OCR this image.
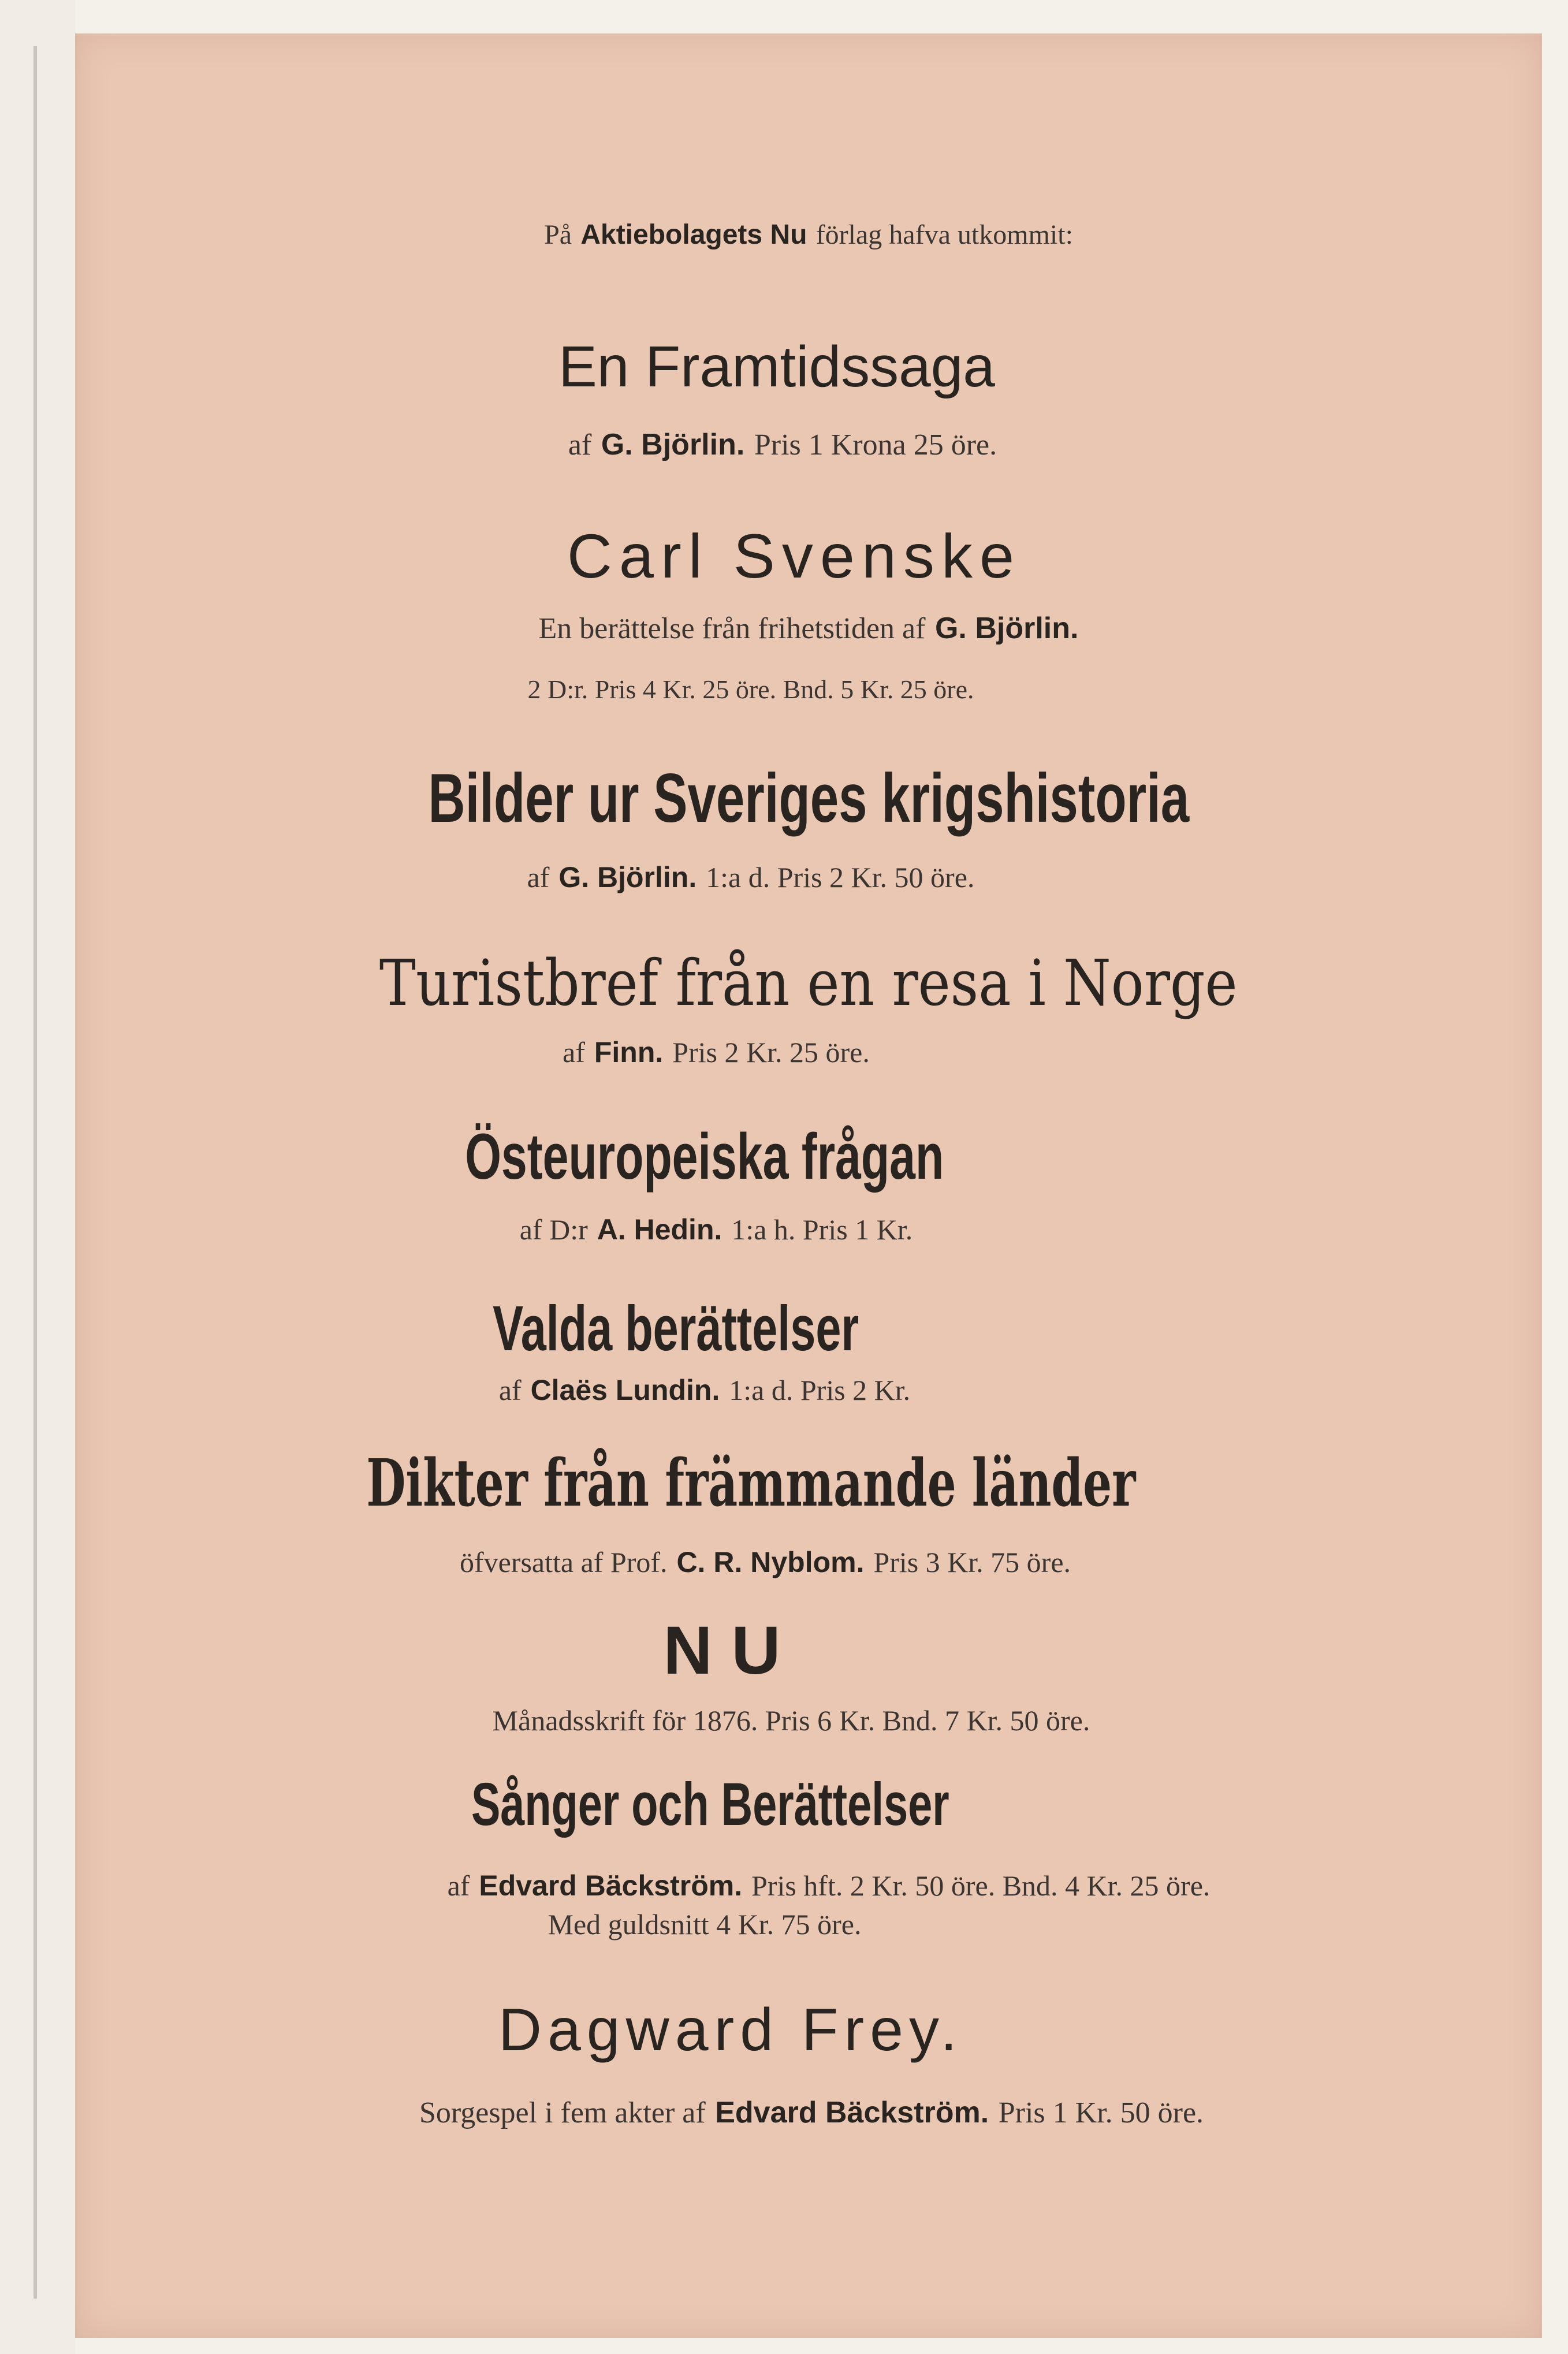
På Aktiebolagets Nu förlag hafva utkommit:
En Framtidssaga
af G. Björlin. Pris 1 Krona 25 öre.
Carl Svenske
En berättelse från frihetstiden af G. Björlin.
2 D:r. Pris 4 Kr. 25 öre. Bnd. 5 Kr. 25 öre.
Bilder ur Sveriges krigshistoria
af G. Björlin. 1:a d. Pris 2 Kr. 50 öre.
Turistbref från en resa i Norge
af Finn. Pris 2 Kr. 25 öre.
Östeuropeiska frågan
af D:r A. Hedin. 1:a h. Pris 1 Kr.
Valda berättelser
af Claës Lundin. 1:a d. Pris 2 Kr.
Dikter från främmande länder
öfversatta af Prof. C. R. Nyblom. Pris 3 Kr. 75 öre.
N U
Månadsskrift för 1876. Pris 6 Kr. Bnd. 7 Kr. 50 öre.
Sånger och Berättelser
af Edvard Bäckström. Pris hft. 2 Kr. 50 öre. Bnd. 4 Kr. 25 öre.
Med guldsnitt 4 Kr. 75 öre.
Dagward Frey.
Sorgespel i fem akter af Edvard Bäckström. Pris 1 Kr. 50 öre.
